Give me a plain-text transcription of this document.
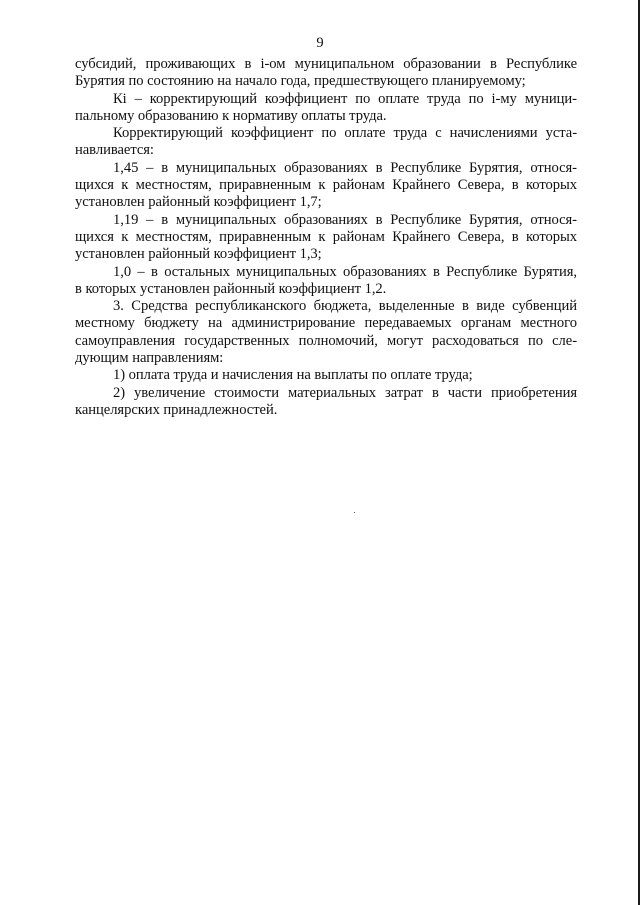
9
субсидий, проживающих в i-ом муниципальном образовании в Республике
Бурятия по состоянию на начало года, предшествующего планируемому;
Кi – корректирующий коэффициент по оплате труда по i-му муници-
пальному образованию к нормативу оплаты труда.
Корректирующий коэффициент по оплате труда с начислениями уста-
навливается:
1,45 – в муниципальных образованиях в Республике Бурятия, относя-
щихся к местностям, приравненным к районам Крайнего Севера, в которых
установлен районный коэффициент 1,7;
1,19 – в муниципальных образованиях в Республике Бурятия, относя-
щихся к местностям, приравненным к районам Крайнего Севера, в которых
установлен районный коэффициент 1,3;
1,0 – в остальных муниципальных образованиях в Республике Бурятия,
в которых установлен районный коэффициент 1,2.
3. Средства республиканского бюджета, выделенные в виде субвенций
местному бюджету на администрирование передаваемых органам местного
самоуправления государственных полномочий, могут расходоваться по сле-
дующим направлениям:
1) оплата труда и начисления на выплаты по оплате труда;
2) увеличение стоимости материальных затрат в части приобретения
канцелярских принадлежностей.
